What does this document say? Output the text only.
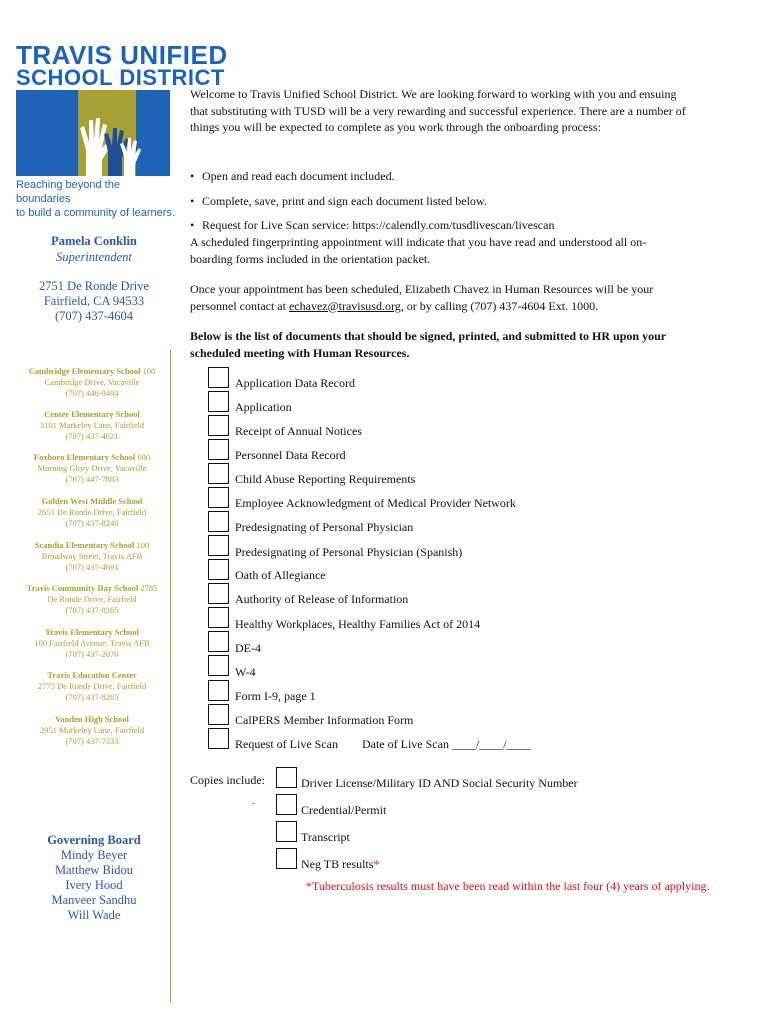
TRAVIS UNIFIED
SCHOOL DISTRICT
Reaching beyond the boundaries
to build a community of learners.
Pamela Conklin
Superintendent
2751 De Ronde Drive
Fairfield, CA 94533
(707) 437-4604
Cambridge Elementary School 100
Cambridge Drive, Vacaville
(707) 446-9494
Center Elementary School
3101 Markeley Lane, Fairfield
(707) 437-4621
Foxboro Elementary School 600
Morning Glory Drive, Vacaville
(707) 447-7883
Golden West Middle School
2651 De Ronde Drive, Fairfield
(707) 437-8240
Scandia Elementary School 100
Broadway Street, Travis AFB
(707) 437-4691
Travis Community Day School 2785
De Ronde Drive, Fairfield
(707) 437-8265
Travis Elementary School
100 Fairfield Avenue, Travis AFB
(707) 437-2070
Travis Education Center
2775 De Ronde Drive, Fairfield
(707) 437-8265
Vanden High School
2951 Markeley Lane, Fairfield
(707) 437-7333
Governing Board
Mindy Beyer
Matthew Bidou
Ivery Hood
Manveer Sandhu
Will Wade
Welcome to Travis Unified School District. We are looking forward to working with you and ensuing
that substituting with TUSD will be a very rewarding and successful experience. There are a number of
things you will be expected to complete as you work through the onboarding process:
• Open and read each document included.
• Complete, save, print and sign each document listed below.
• Request for Live Scan service: https://calendly.com/tusdlivescan/livescan
A scheduled fingerprinting appointment will indicate that you have read and understood all on-
boarding forms included in the orientation packet.
Once your appointment has been scheduled, Elizabeth Chavez in Human Resources will be your
personnel contact at echavez@travisusd.org, or by calling (707) 437-4604 Ext. 1000.
Below is the list of documents that should be signed, printed, and submitted to HR upon your
scheduled meeting with Human Resources.
Application Data Record
Application
Receipt of Annual Notices
Personnel Data Record
Child Abuse Reporting Requirements
Employee Acknowledgment of Medical Provider Network
Predesignating of Personal Physician
Predesignating of Personal Physician (Spanish)
Oath of Allegiance
Authority of Release of Information
Healthy Workplaces, Healthy Families Act of 2014
DE-4
W-4
Form I-9, page 1
CalPERS Member Information Form
Request of Live Scan        Date of Live Scan ____/____/____
Copies include:
.
Driver License/Military ID AND Social Security Number
Credential/Permit
Transcript
Neg TB results*
*Tuberculosis results must have been read within the last four (4) years of applying.
